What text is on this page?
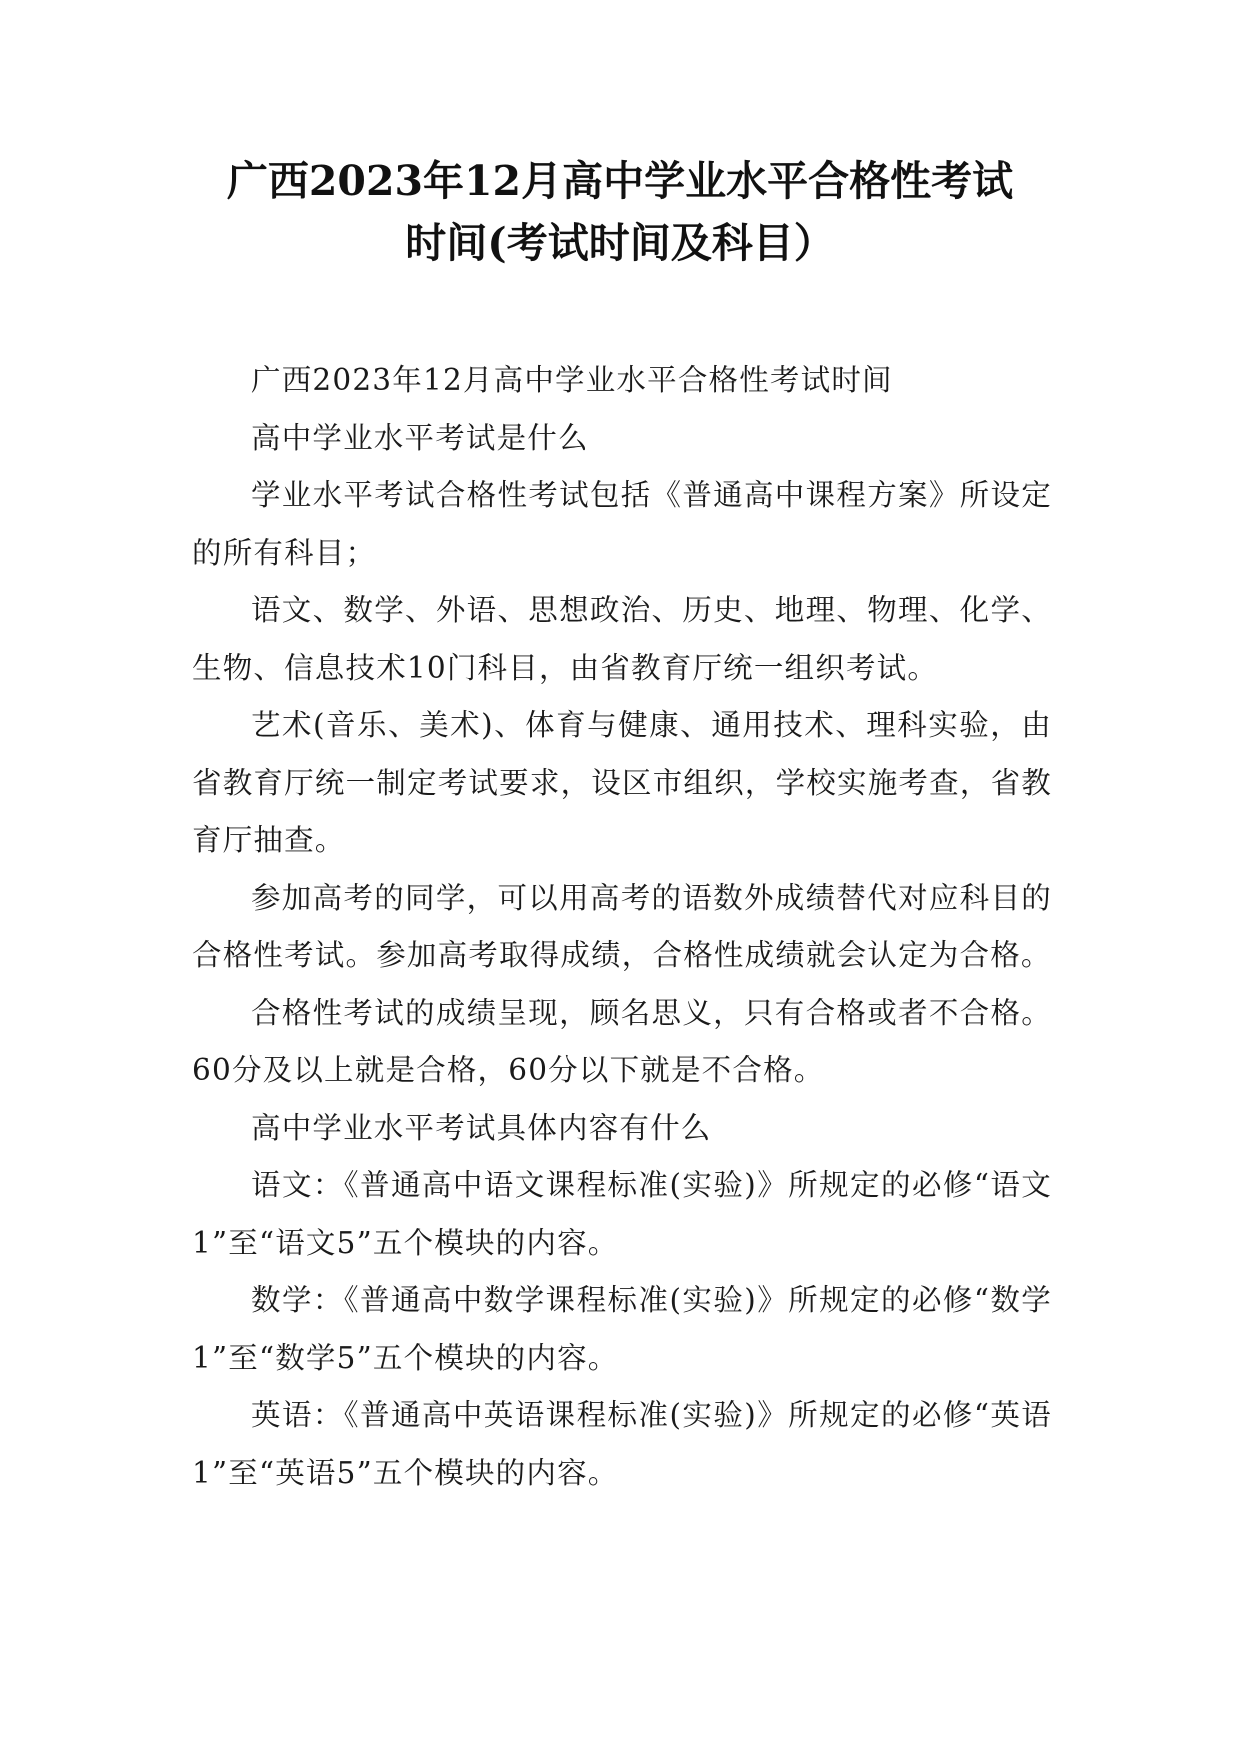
广西2023年12月高中学业水平合格性考试
时间(考试时间及科目）

广西2023年12月高中学业水平合格性考试时间

高中学业水平考试是什么

学业水平考试合格性考试包括《普通高中课程方案》所设定的所有科目；

语文、数学、外语、思想政治、历史、地理、物理、化学、生物、信息技术10门科目，由省教育厅统一组织考试。

艺术(音乐、美术)、体育与健康、通用技术、理科实验，由省教育厅统一制定考试要求，设区市组织，学校实施考查，省教育厅抽查。

参加高考的同学，可以用高考的语数外成绩替代对应科目的合格性考试。参加高考取得成绩，合格性成绩就会认定为合格。

合格性考试的成绩呈现，顾名思义，只有合格或者不合格。60分及以上就是合格，60分以下就是不合格。

高中学业水平考试具体内容有什么

语文：《普通高中语文课程标准(实验)》所规定的必修“语文1”至“语文5”五个模块的内容。

数学：《普通高中数学课程标准(实验)》所规定的必修“数学1”至“数学5”五个模块的内容。

英语：《普通高中英语课程标准(实验)》所规定的必修“英语1”至“英语5”五个模块的内容。
